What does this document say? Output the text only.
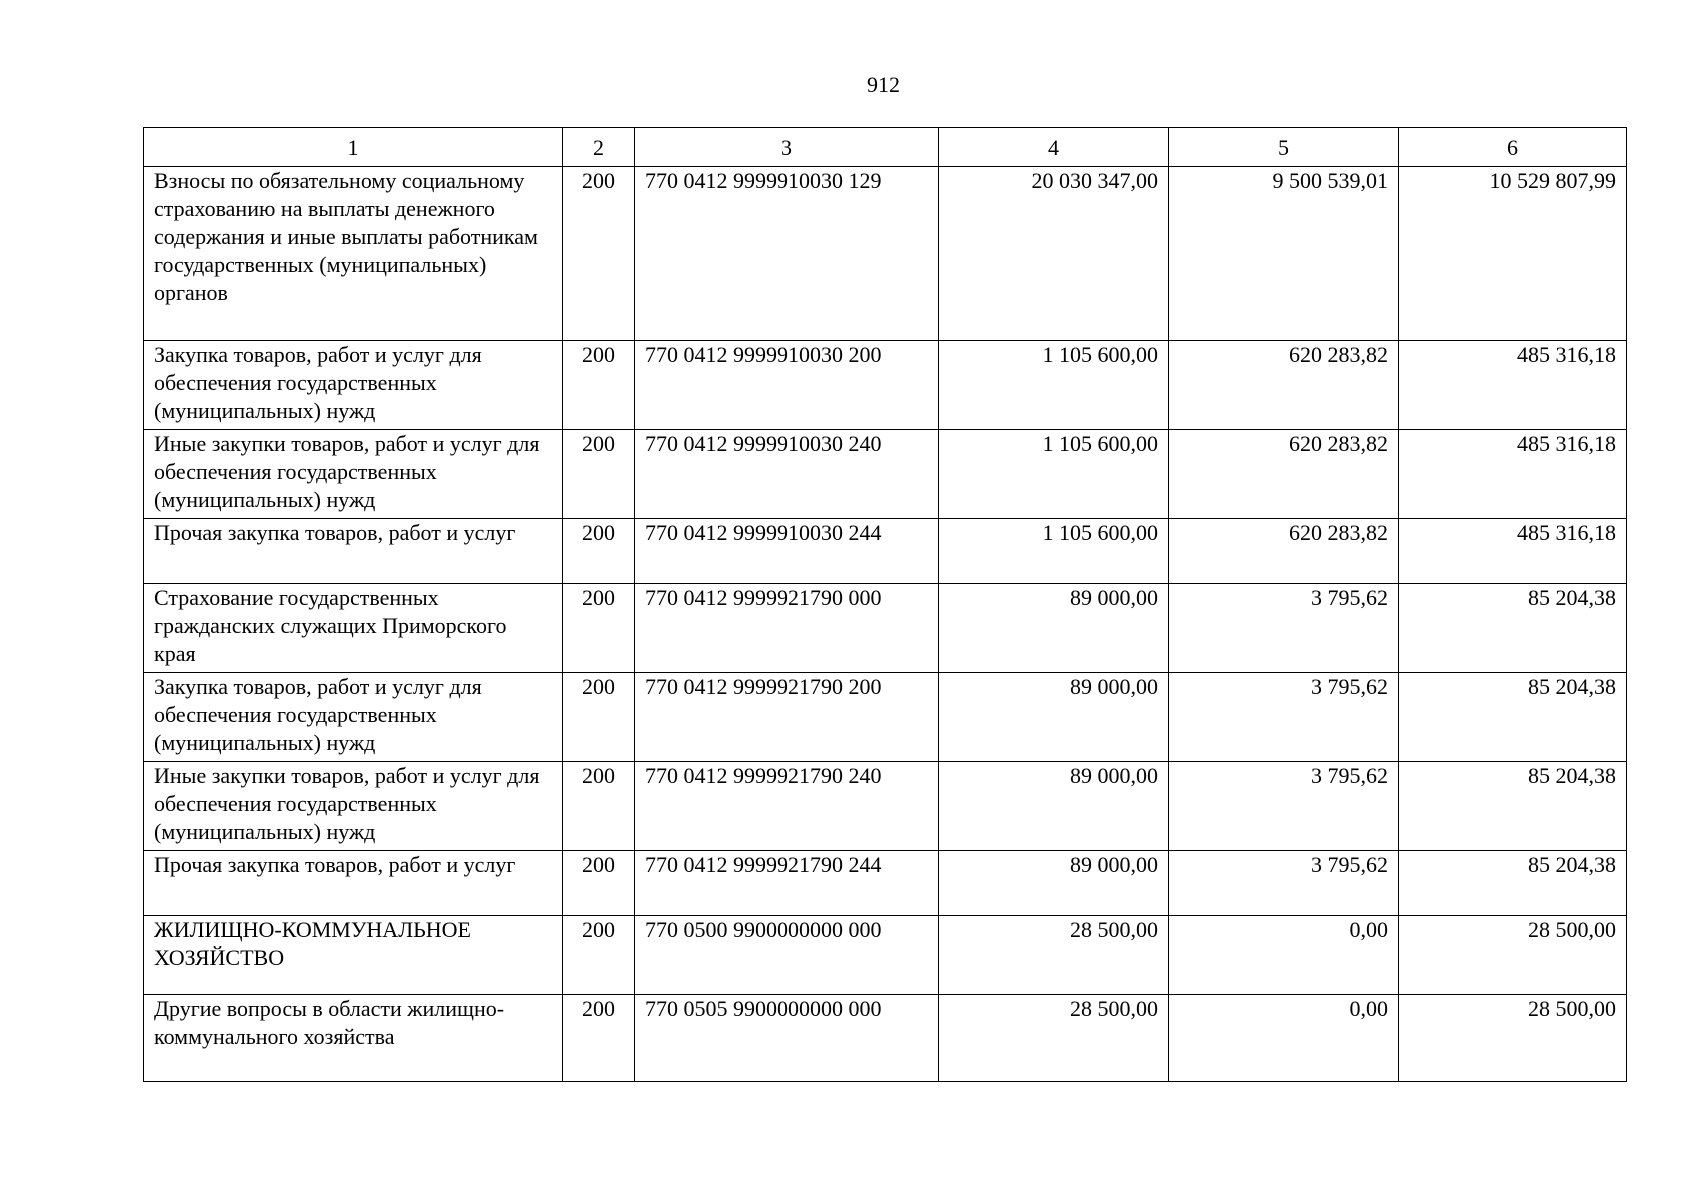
912
1	2	3	4	5	6
Взносы по обязательному социальному страхованию на выплаты денежного содержания и иные выплаты работникам государственных (муниципальных) органов	200	770 0412 9999910030 129	20 030 347,00	9 500 539,01	10 529 807,99
Закупка товаров, работ и услуг для обеспечения государственных (муниципальных) нужд	200	770 0412 9999910030 200	1 105 600,00	620 283,82	485 316,18
Иные закупки товаров, работ и услуг для обеспечения государственных (муниципальных) нужд	200	770 0412 9999910030 240	1 105 600,00	620 283,82	485 316,18
Прочая закупка товаров, работ и услуг	200	770 0412 9999910030 244	1 105 600,00	620 283,82	485 316,18
Страхование государственных гражданских служащих Приморского края	200	770 0412 9999921790 000	89 000,00	3 795,62	85 204,38
Закупка товаров, работ и услуг для обеспечения государственных (муниципальных) нужд	200	770 0412 9999921790 200	89 000,00	3 795,62	85 204,38
Иные закупки товаров, работ и услуг для обеспечения государственных (муниципальных) нужд	200	770 0412 9999921790 240	89 000,00	3 795,62	85 204,38
Прочая закупка товаров, работ и услуг	200	770 0412 9999921790 244	89 000,00	3 795,62	85 204,38
ЖИЛИЩНО-КОММУНАЛЬНОЕ ХОЗЯЙСТВО	200	770 0500 9900000000 000	28 500,00	0,00	28 500,00
Другие вопросы в области жилищно-коммунального хозяйства	200	770 0505 9900000000 000	28 500,00	0,00	28 500,00
